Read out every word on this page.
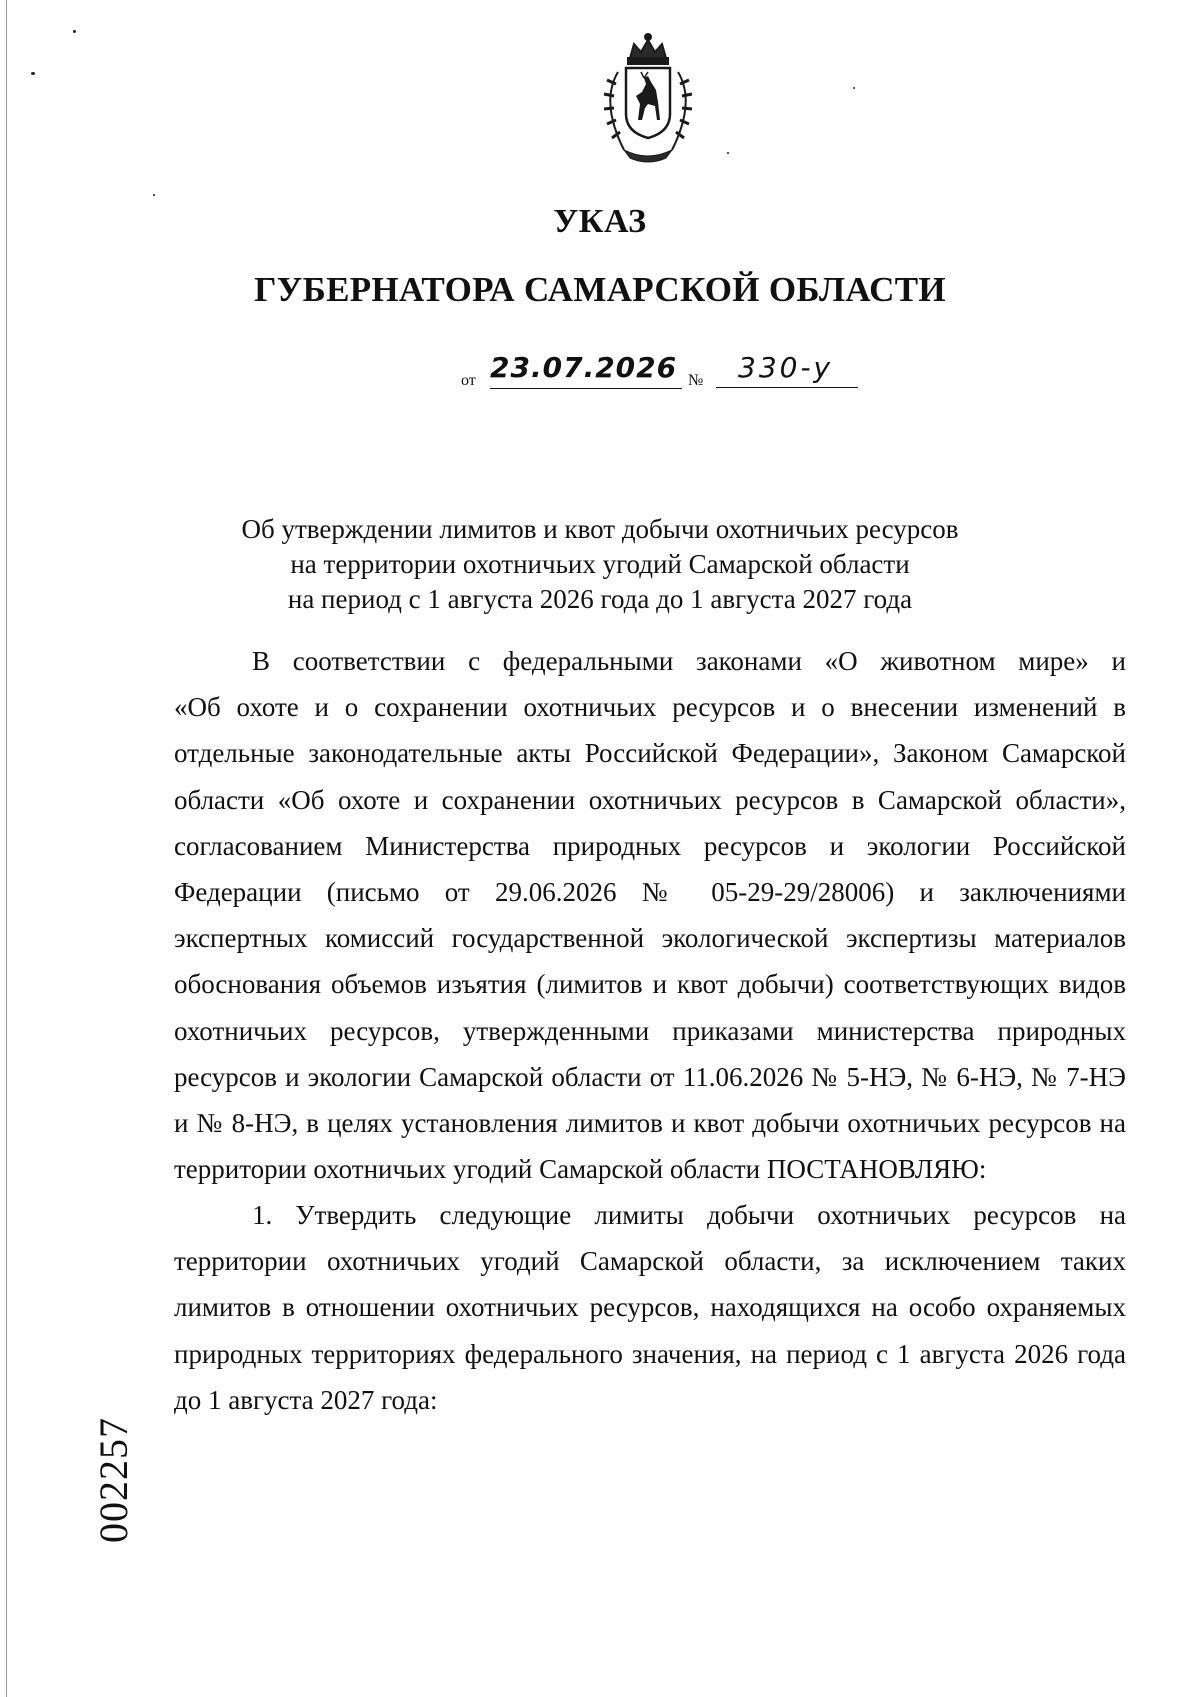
УКАЗ
ГУБЕРНАТОРА САМАРСКОЙ ОБЛАСТИ
от 23.07.2026 №	330-у
Об утверждении лимитов и квот добычи охотничьих ресурсов
на территории охотничьих угодий Самарской области
на период с 1 августа 2026 года до 1 августа 2027 года
В соответствии с федеральными законами «О животном мире» и
«Об охоте и о сохранении охотничьих ресурсов и о внесении изменений в
отдельные законодательные акты Российской Федерации», Законом Самарской
области «Об охоте и сохранении охотничьих ресурсов в Самарской области»,
согласованием Министерства природных ресурсов и экологии Российской
Федерации (письмо от 29.06.2026 № 05-29-29/28006) и заключениями
экспертных комиссий государственной экологической экспертизы материалов
обоснования объемов изъятия (лимитов и квот добычи) соответствующих видов
охотничьих ресурсов, утвержденными приказами министерства природных
ресурсов и экологии Самарской области от 11.06.2026 № 5-НЭ, № 6-НЭ, № 7-НЭ
и № 8-НЭ, в целях установления лимитов и квот добычи охотничьих ресурсов на
территории охотничьих угодий Самарской области ПОСТАНОВЛЯЮ:
1. Утвердить следующие лимиты добычи охотничьих ресурсов на
территории охотничьих угодий Самарской области, за исключением таких
лимитов в отношении охотничьих ресурсов, находящихся на особо охраняемых
природных территориях федерального значения, на период с 1 августа 2026 года
до 1 августа 2027 года:
002257
